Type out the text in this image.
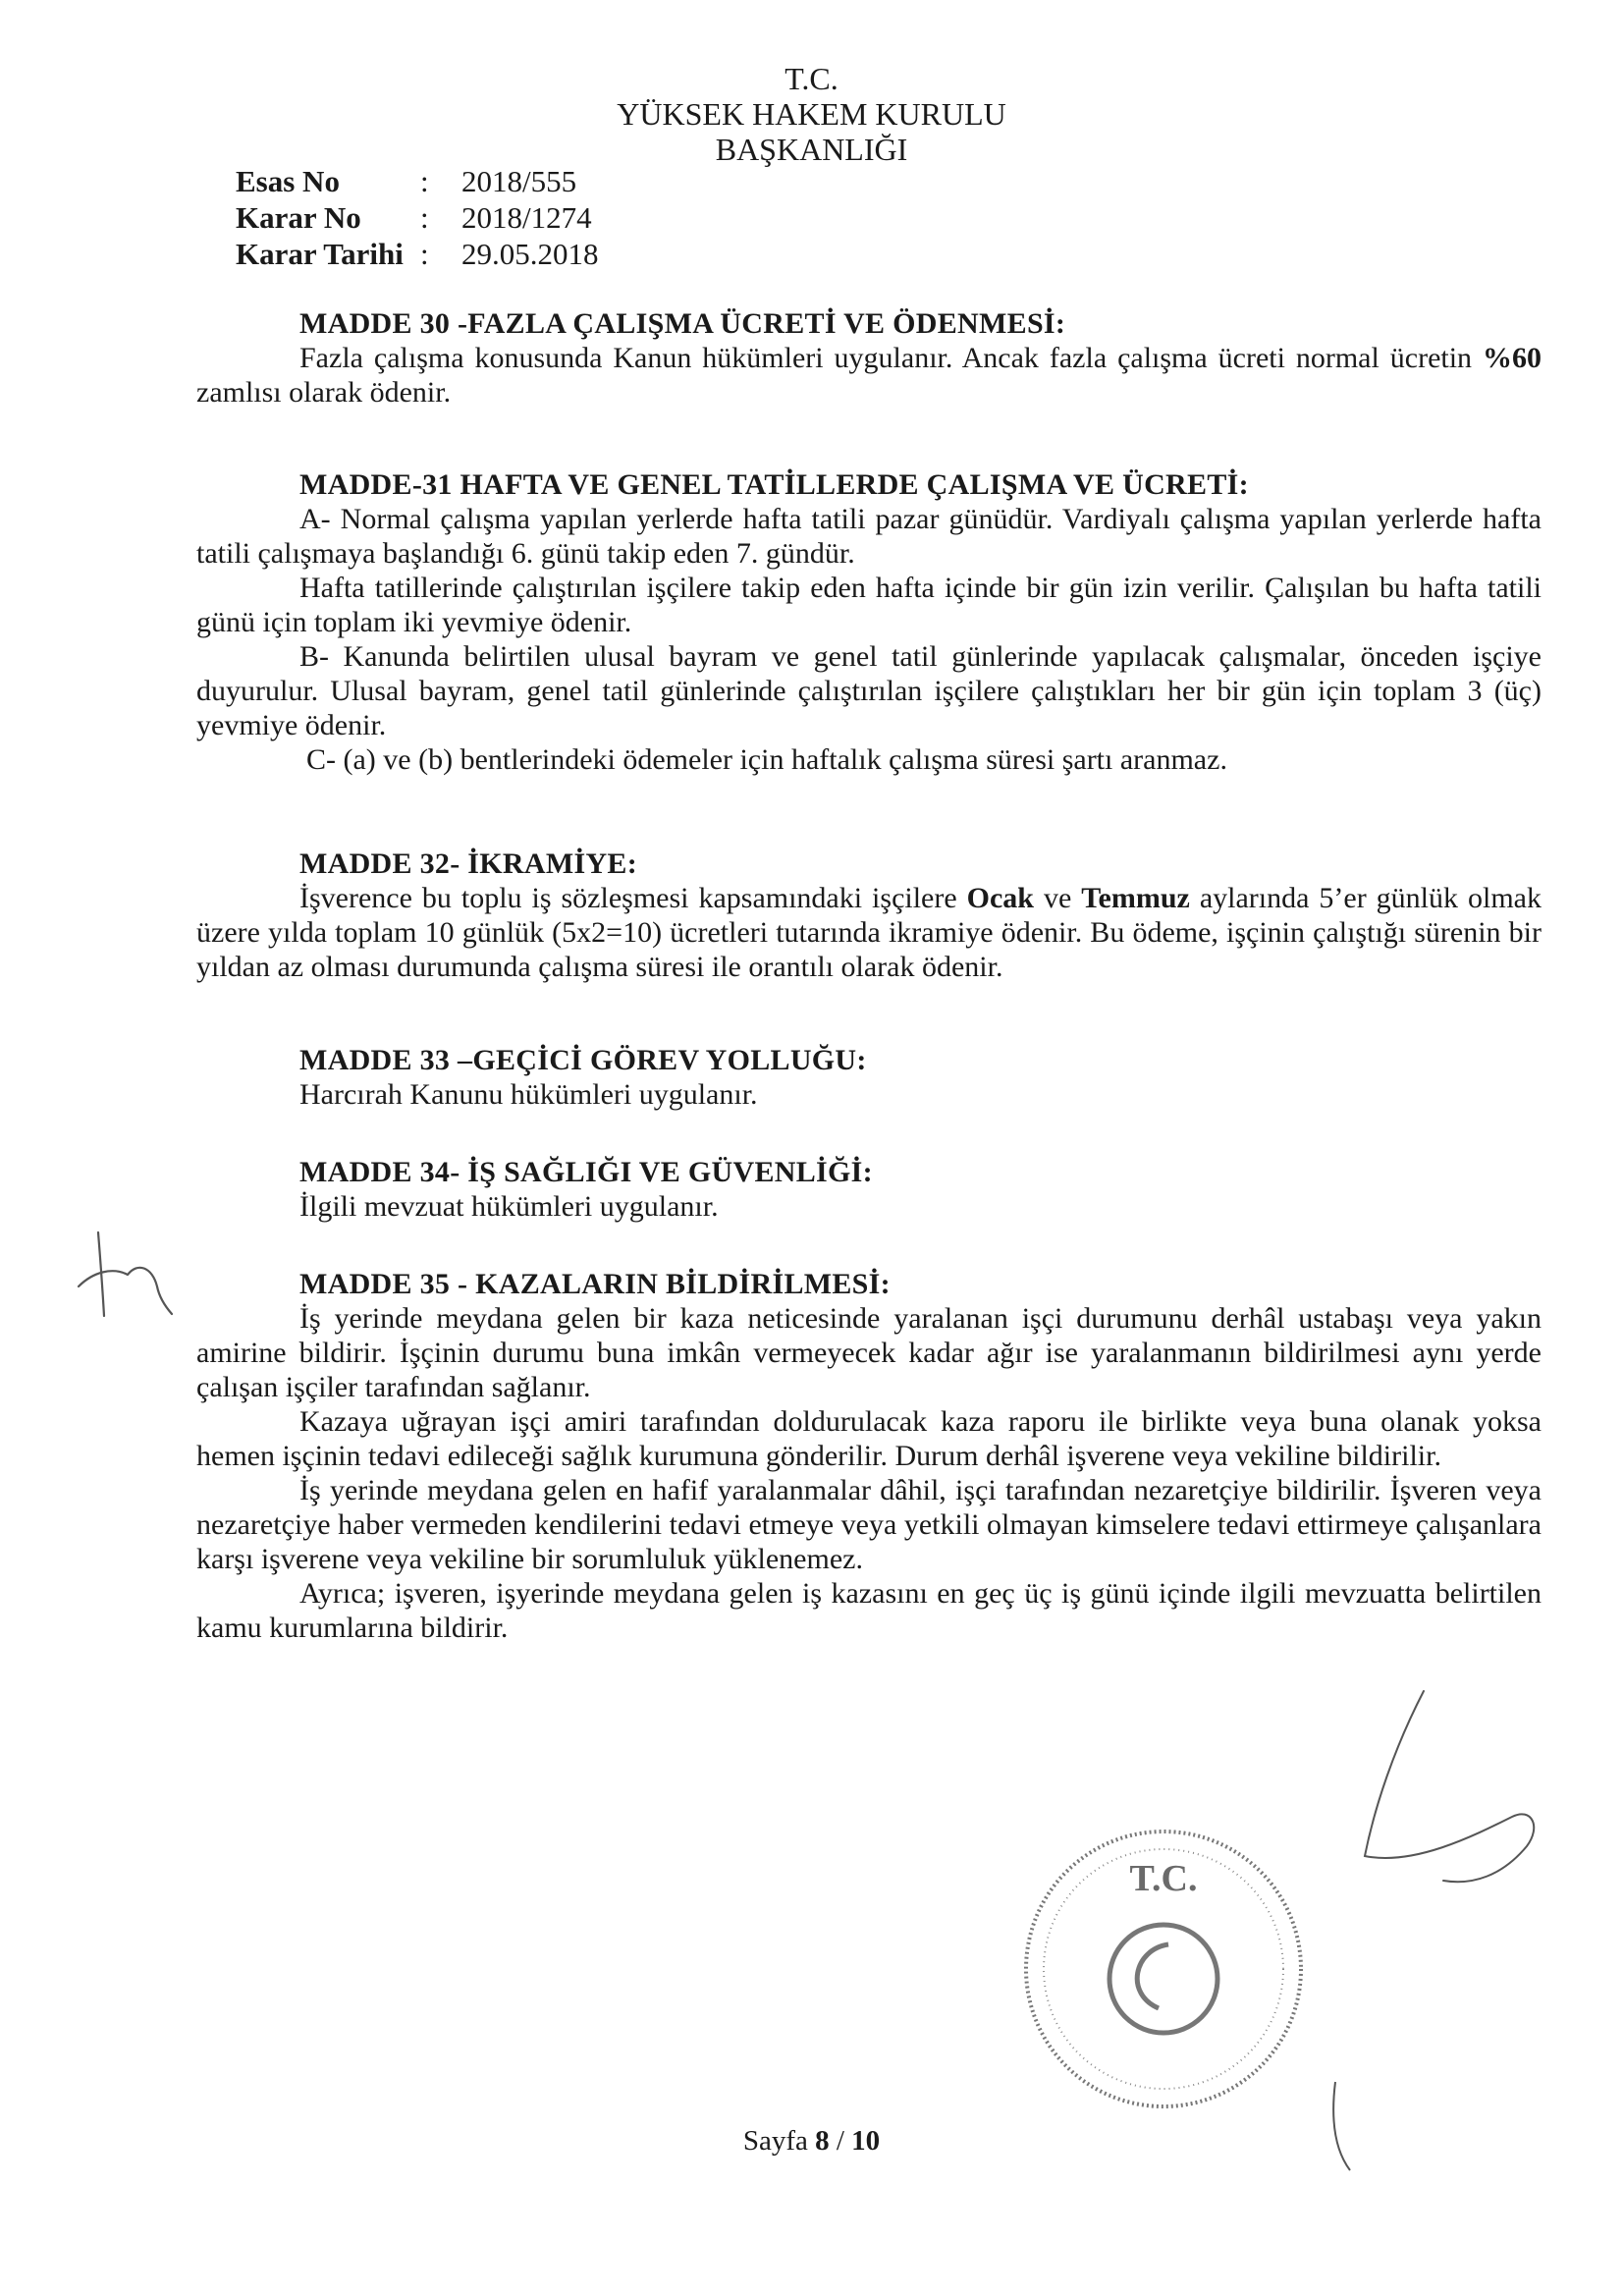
T.C.
YÜKSEK HAKEM KURULU
BAŞKANLIĞI
Esas No	:	2018/555
Karar No	:	2018/1274
Karar Tarihi :	29.05.2018
MADDE 30 -FAZLA ÇALIŞMA ÜCRETİ VE ÖDENMESİ:

Fazla çalışma konusunda Kanun hükümleri uygulanır. Ancak fazla çalışma ücreti normal ücretin %60 zamlısı olarak ödenir.

MADDE-31 HAFTA VE GENEL TATİLLERDE ÇALIŞMA VE ÜCRETİ:

A- Normal çalışma yapılan yerlerde hafta tatili pazar günüdür. Vardiyalı çalışma yapılan yerlerde hafta tatili çalışmaya başlandığı 6. günü takip eden 7. gündür.

Hafta tatillerinde çalıştırılan işçilere takip eden hafta içinde bir gün izin verilir. Çalışılan bu hafta tatili günü için toplam iki yevmiye ödenir.

B- Kanunda belirtilen ulusal bayram ve genel tatil günlerinde yapılacak çalışmalar, önceden işçiye duyurulur. Ulusal bayram, genel tatil günlerinde çalıştırılan işçilere çalıştıkları her bir gün için toplam 3 (üç) yevmiye ödenir.

C- (a) ve (b) bentlerindeki ödemeler için haftalık çalışma süresi şartı aranmaz.

MADDE 32- İKRAMİYE:

İşverence bu toplu iş sözleşmesi kapsamındaki işçilere Ocak ve Temmuz aylarında 5’er günlük olmak üzere yılda toplam 10 günlük (5x2=10) ücretleri tutarında ikramiye ödenir. Bu ödeme, işçinin çalıştığı sürenin bir yıldan az olması durumunda çalışma süresi ile orantılı olarak ödenir.

MADDE 33 –GEÇİCİ GÖREV YOLLUĞU:

Harcırah Kanunu hükümleri uygulanır.

MADDE 34- İŞ SAĞLIĞI VE GÜVENLİĞİ:

İlgili mevzuat hükümleri uygulanır.

MADDE 35 - KAZALARIN BİLDİRİLMESİ:

İş yerinde meydana gelen bir kaza neticesinde yaralanan işçi durumunu derhâl ustabaşı veya yakın amirine bildirir. İşçinin durumu buna imkân vermeyecek kadar ağır ise yaralanmanın bildirilmesi aynı yerde çalışan işçiler tarafından sağlanır.

Kazaya uğrayan işçi amiri tarafından doldurulacak kaza raporu ile birlikte veya buna olanak yoksa hemen işçinin tedavi edileceği sağlık kurumuna gönderilir. Durum derhâl işverene veya vekiline bildirilir.

İş yerinde meydana gelen en hafif yaralanmalar dâhil, işçi tarafından nezaretçiye bildirilir. İşveren veya nezaretçiye haber vermeden kendilerini tedavi etmeye veya yetkili olmayan kimselere tedavi ettirmeye çalışanlara karşı işverene veya vekiline bir sorumluluk yüklenemez.

Ayrıca; işveren, işyerinde meydana gelen iş kazasını en geç üç iş günü içinde ilgili mevzuatta belirtilen kamu kurumlarına bildirir.

T.C.
Sayfa 8 / 10
